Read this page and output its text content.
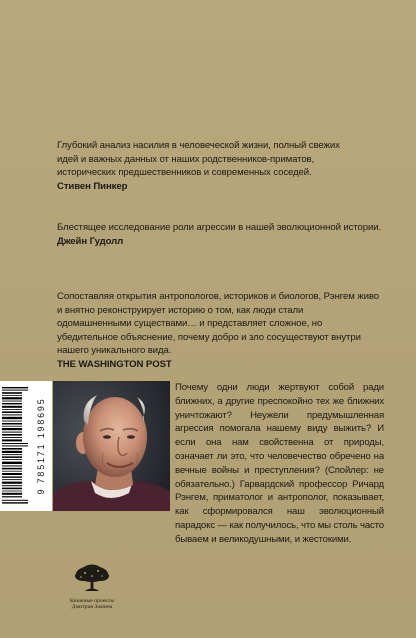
Глубокий анализ насилия в человеческой жизни, полный свежих идей и важных данных от наших родственников-приматов, исторических предшественников и современных соседей.

Стивен Пинкер

Блестящее исследование роли агрессии в нашей эволюционной истории.

Джейн Гудолл

Сопоставляя открытия антропологов, историков и биологов, Рэнгем живо и внятно реконструирует историю о том, как люди стали одомашненными существами… и представляет сложное, но убедительное объяснение, почему добро и зло сосуществуют внутри нашего уникального вида.

THE WASHINGTON POST
9 785171 198695

Почему одни люди жертвуют собой ради ближних, а другие преспокойно тех же ближних уничтожают? Неужели предумышленная агрессия помогала нашему виду выжить? И если она нам свойственна от природы, означает ли это, что человечество обречено на вечные войны и преступления? (Спойлер: не обязательно.) Гарвардский профессор Ричард Рэнгем, приматолог и антрополог, показывает, как сформировался наш эволюционный парадокс — как получилось, что мы столь часто бываем и великодушными, и жестокими.

Книжные проекты
Дмитрия Зимина
